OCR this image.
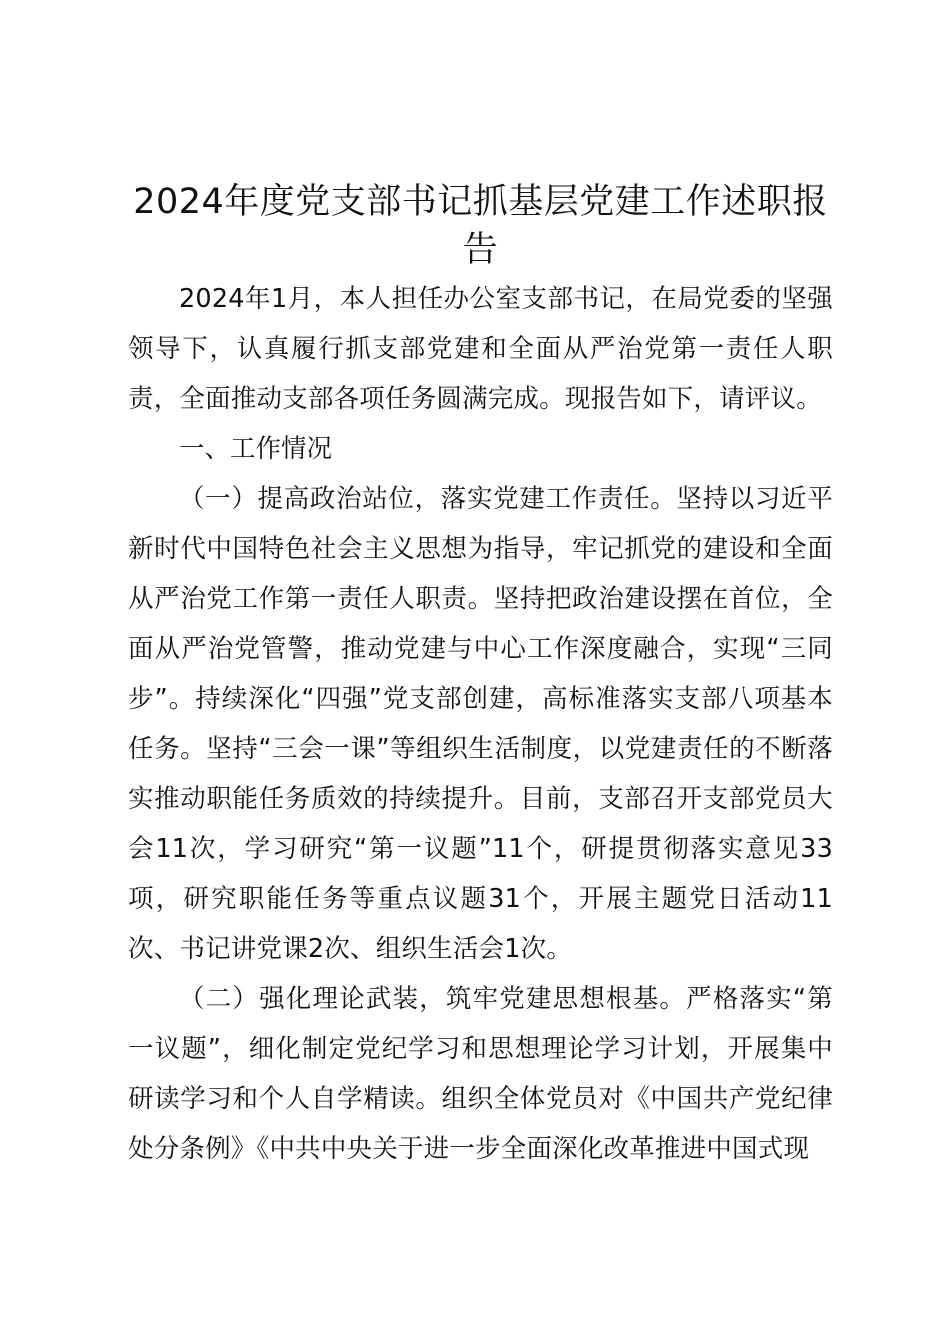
2024年度党支部书记抓基层党建工作述职报告

2024年1月，本人担任办公室支部书记，在局党委的坚强领导下，认真履行抓支部党建和全面从严治党第一责任人职责，全面推动支部各项任务圆满完成。现报告如下，请评议。

一、工作情况

（一）提高政治站位，落实党建工作责任。坚持以习近平新时代中国特色社会主义思想为指导，牢记抓党的建设和全面从严治党工作第一责任人职责。坚持把政治建设摆在首位，全面从严治党管警，推动党建与中心工作深度融合，实现“三同步”。持续深化“四强”党支部创建，高标准落实支部八项基本任务。坚持“三会一课”等组织生活制度，以党建责任的不断落实推动职能任务质效的持续提升。目前，支部召开支部党员大会11次，学习研究“第一议题”11个，研提贯彻落实意见33项，研究职能任务等重点议题31个，开展主题党日活动11次、书记讲党课2次、组织生活会1次。

（二）强化理论武装，筑牢党建思想根基。严格落实“第一议题”，细化制定党纪学习和思想理论学习计划，开展集中研读学习和个人自学精读。组织全体党员对《中国共产党纪律处分条例》《中共中央关于进一步全面深化改革推进中国式现
